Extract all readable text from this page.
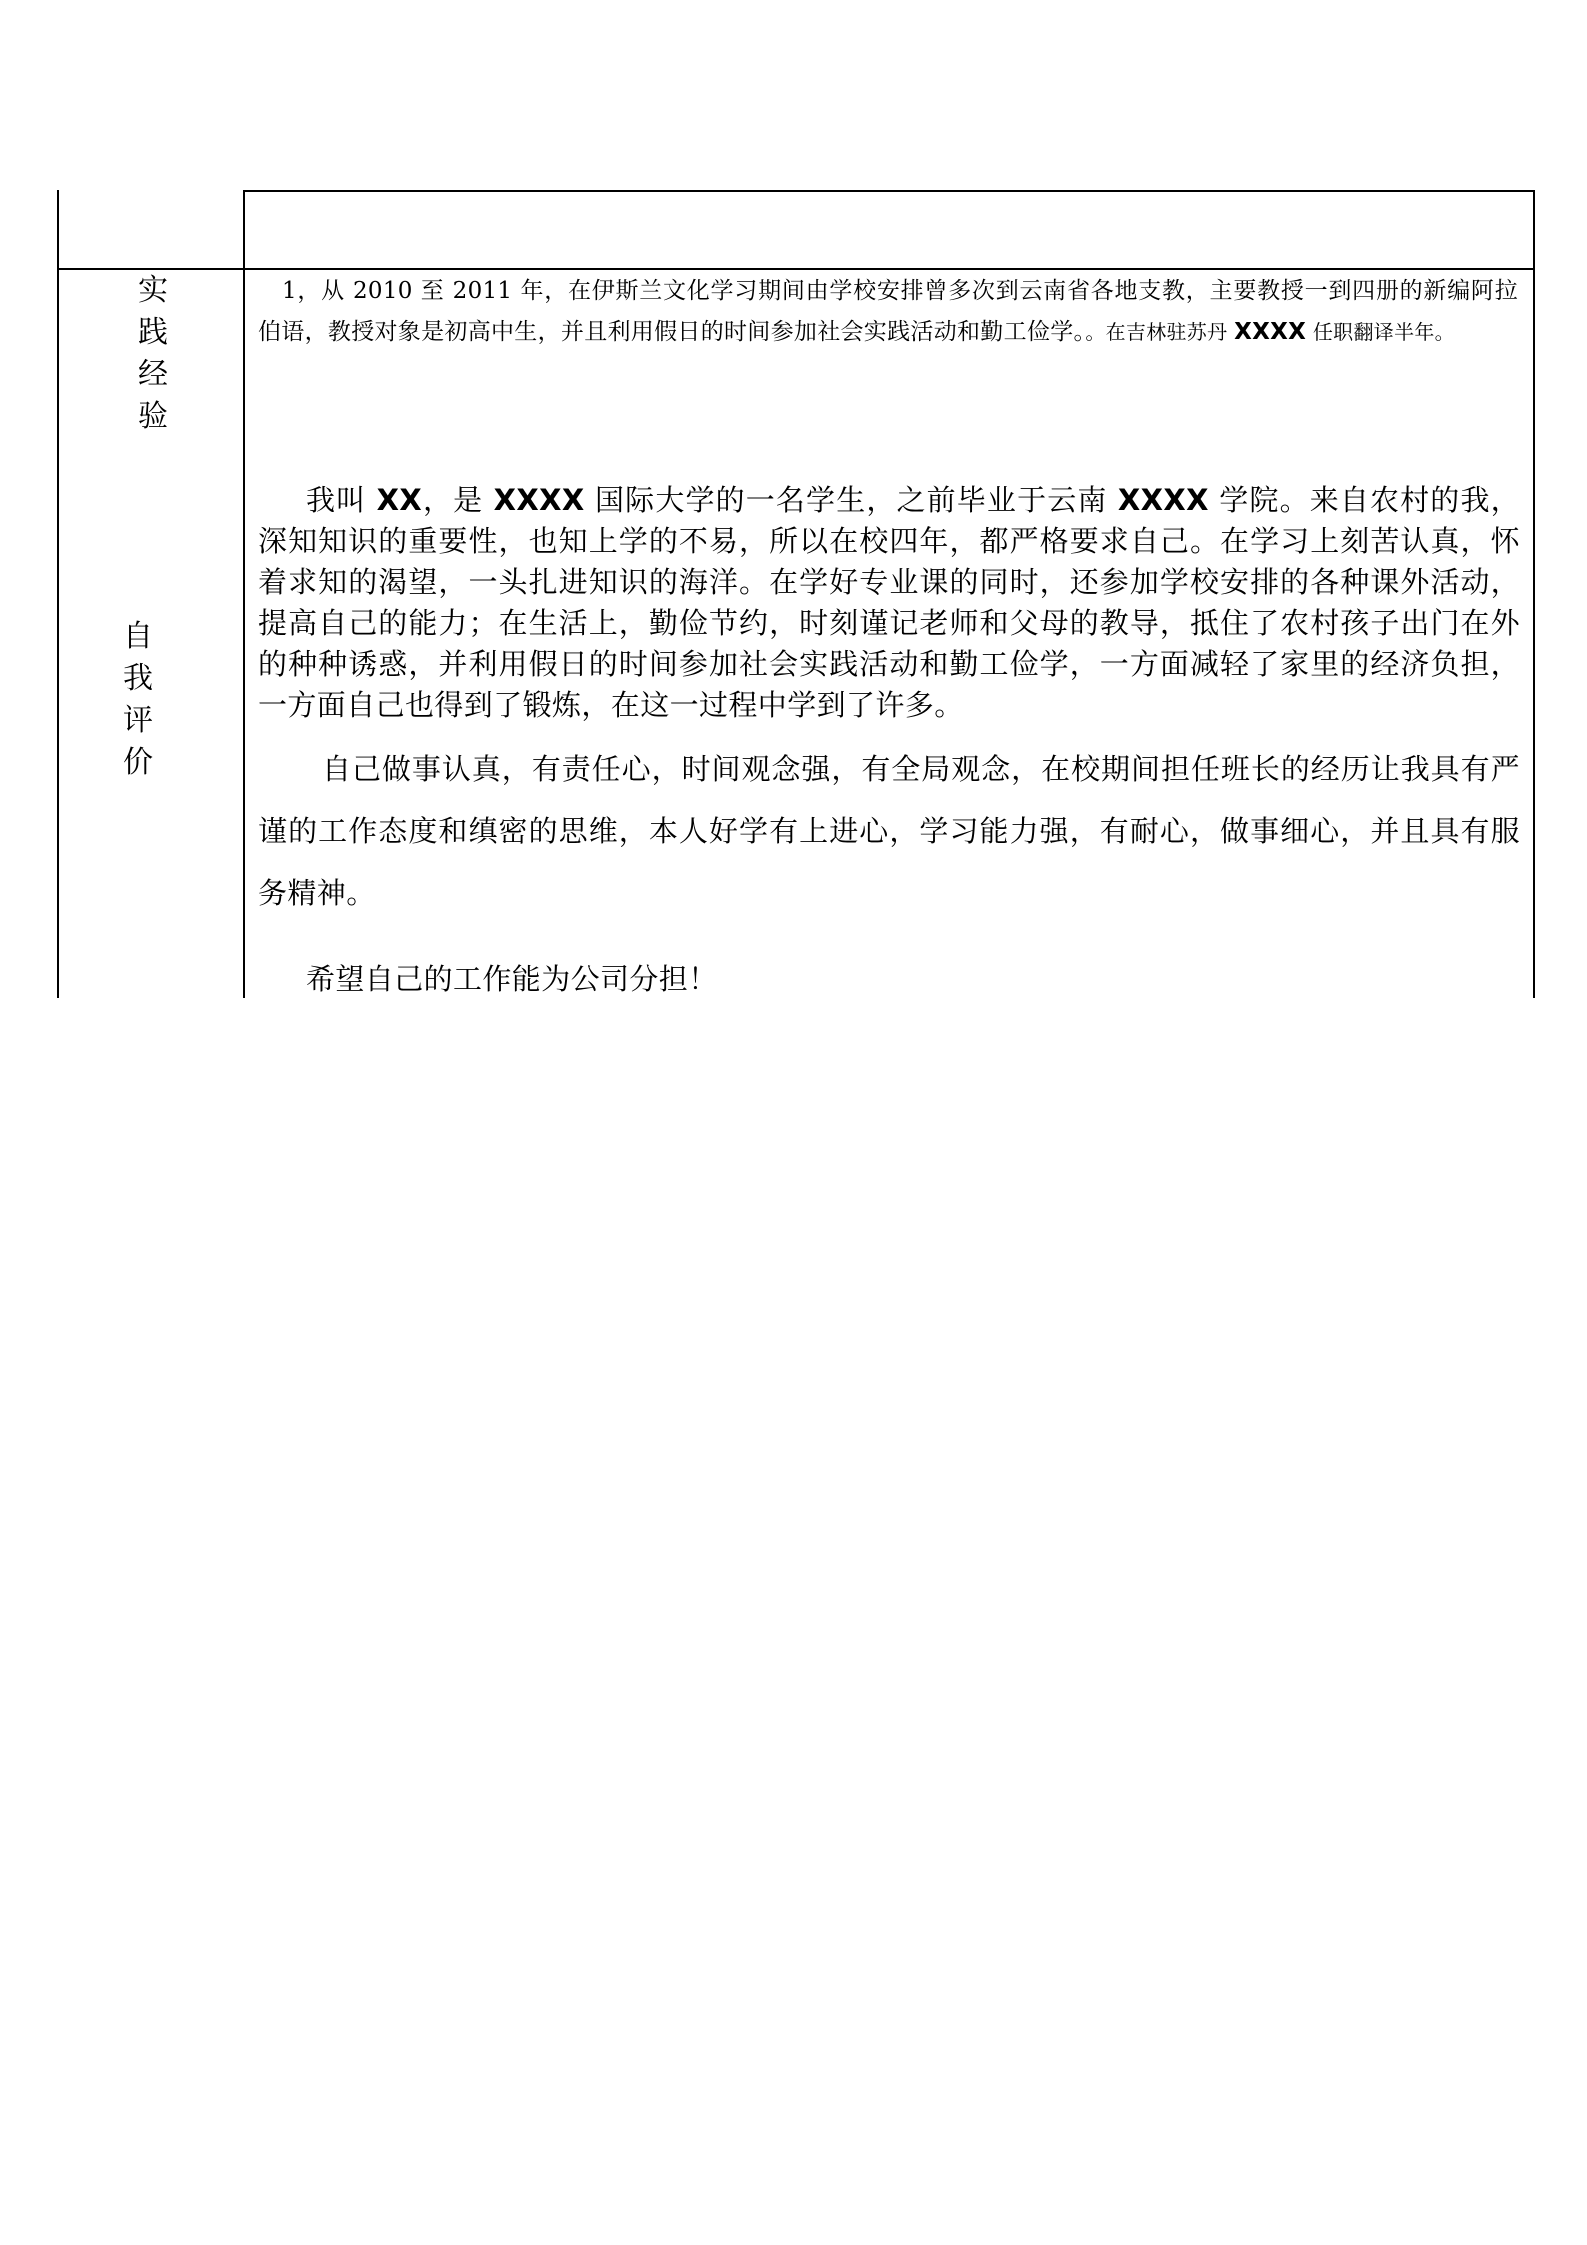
实
践
经
验
自
我
评
价
1，从 2010 至 2011 年，在伊斯兰文化学习期间由学校安排曾多次到云南省各地支教，主要教授一到四册的新编阿拉伯语，教授对象是初高中生，并且利用假日的时间参加社会实践活动和勤工俭学。。在吉林驻苏丹 XXXX 任职翻译半年。
我叫 XX，是 XXXX 国际大学的一名学生，之前毕业于云南 XXXX 学院。来自农村的我，深知知识的重要性，也知上学的不易，所以在校四年，都严格要求自己。在学习上刻苦认真，怀着求知的渴望，一头扎进知识的海洋。在学好专业课的同时，还参加学校安排的各种课外活动，提高自己的能力；在生活上，勤俭节约，时刻谨记老师和父母的教导，抵住了农村孩子出门在外的种种诱惑，并利用假日的时间参加社会实践活动和勤工俭学，一方面减轻了家里的经济负担，一方面自己也得到了锻炼，在这一过程中学到了许多。
自己做事认真，有责任心，时间观念强，有全局观念，在校期间担任班长的经历让我具有严谨的工作态度和缜密的思维，本人好学有上进心，学习能力强，有耐心，做事细心，并且具有服务精神。
希望自己的工作能为公司分担！
